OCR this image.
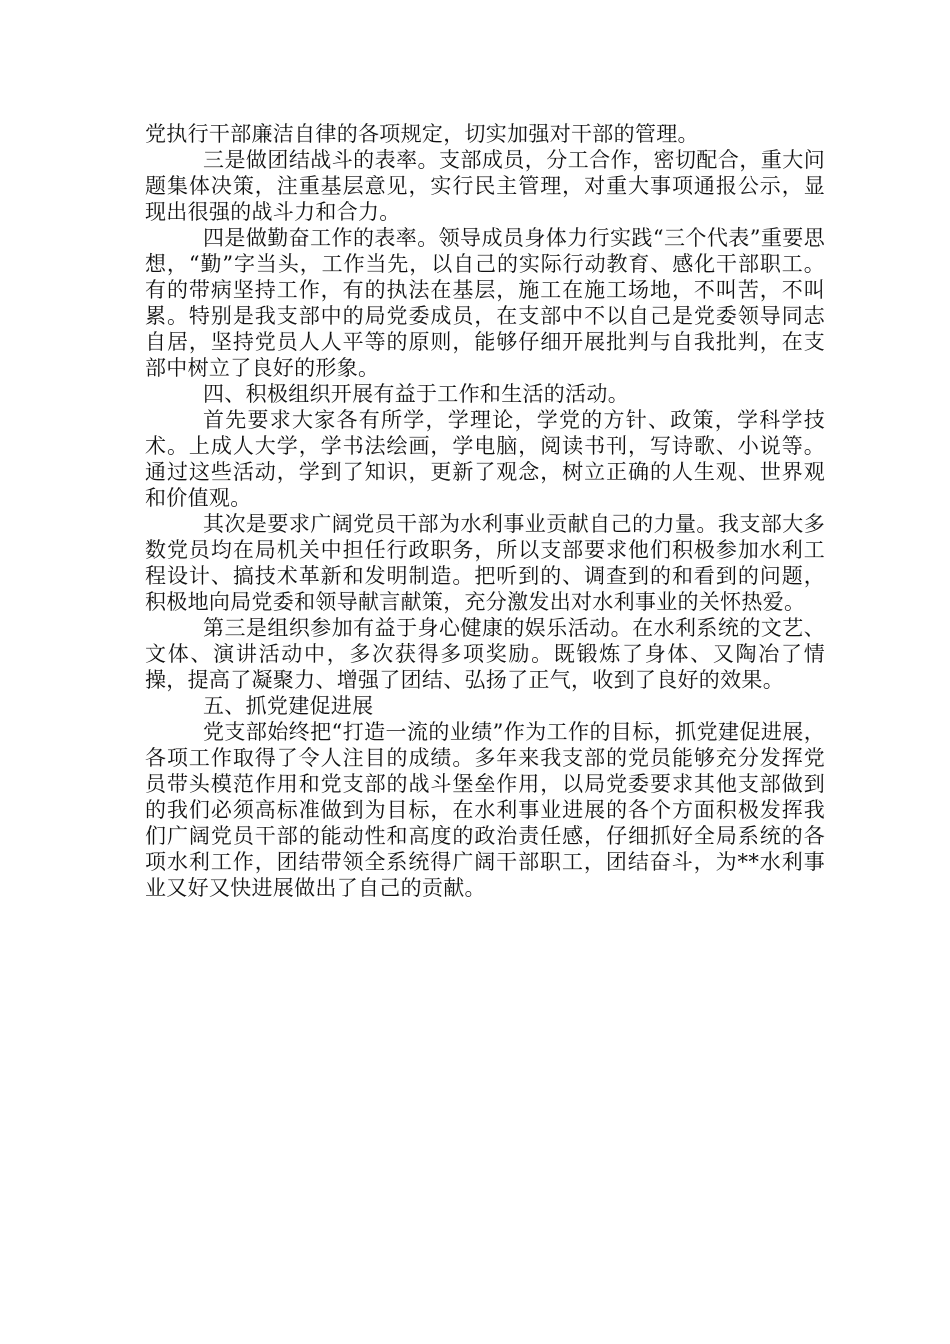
党执行干部廉洁自律的各项规定，切实加强对干部的管理。

三是做团结战斗的表率。支部成员，分工合作，密切配合，重大问题集体决策，注重基层意见，实行民主管理，对重大事项通报公示，显现出很强的战斗力和合力。

四是做勤奋工作的表率。领导成员身体力行实践“三个代表”重要思想，“勤”字当头，工作当先，以自己的实际行动教育、感化干部职工。有的带病坚持工作，有的执法在基层，施工在施工场地，不叫苦，不叫累。特别是我支部中的局党委成员，在支部中不以自己是党委领导同志自居，坚持党员人人平等的原则，能够仔细开展批判与自我批判，在支部中树立了良好的形象。

四、积极组织开展有益于工作和生活的活动。

首先要求大家各有所学，学理论，学党的方针、政策，学科学技术。上成人大学，学书法绘画，学电脑，阅读书刊，写诗歌、小说等。通过这些活动，学到了知识，更新了观念，树立正确的人生观、世界观和价值观。

其次是要求广阔党员干部为水利事业贡献自己的力量。我支部大多数党员均在局机关中担任行政职务，所以支部要求他们积极参加水利工程设计、搞技术革新和发明制造。把听到的、调查到的和看到的问题，积极地向局党委和领导献言献策，充分激发出对水利事业的关怀热爱。

第三是组织参加有益于身心健康的娱乐活动。在水利系统的文艺、文体、演讲活动中，多次获得多项奖励。既锻炼了身体、又陶冶了情操，提高了凝聚力、增强了团结、弘扬了正气，收到了良好的效果。

五、抓党建促进展

党支部始终把“打造一流的业绩”作为工作的目标，抓党建促进展，各项工作取得了令人注目的成绩。多年来我支部的党员能够充分发挥党员带头模范作用和党支部的战斗堡垒作用，以局党委要求其他支部做到的我们必须高标准做到为目标，在水利事业进展的各个方面积极发挥我们广阔党员干部的能动性和高度的政治责任感，仔细抓好全局系统的各项水利工作，团结带领全系统得广阔干部职工，团结奋斗，为**水利事业又好又快进展做出了自己的贡献。
